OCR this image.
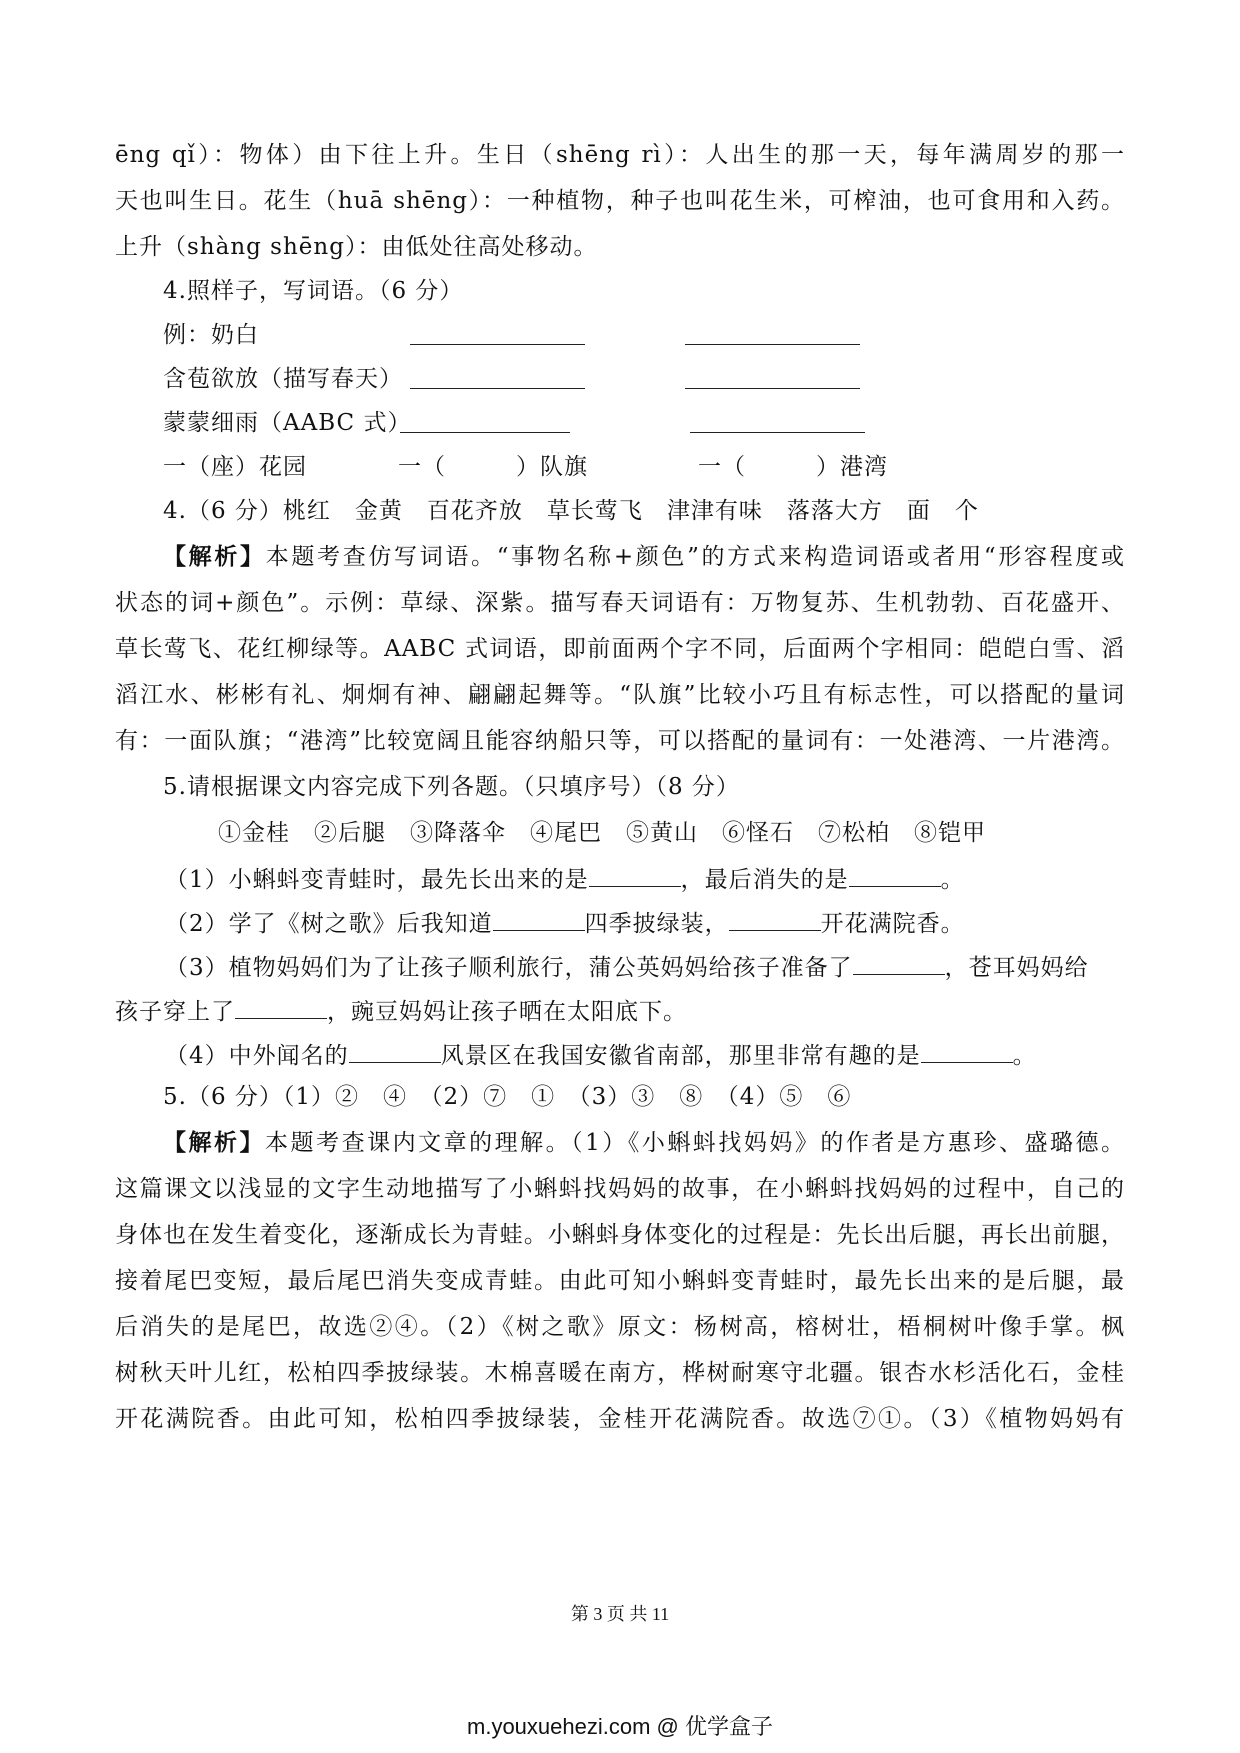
ēng qǐ）：物体）由下往上升。生日（shēng rì）：人出生的那一天，每年满周岁的那一
天也叫生日。花生（huā shēng）：一种植物，种子也叫花生米，可榨油，也可食用和入药。
上升（shàng shēng）：由低处往高处移动。
4.照样子，写词语。（6 分）
例：奶白
含苞欲放（描写春天）
蒙蒙细雨（AABC 式）
一（座）花园	一（	）队旗	一（	）港湾
4.（6 分）桃红　金黄　百花齐放　草长莺飞　津津有味　落落大方　面　个
【解析】本题考查仿写词语。“事物名称+颜色”的方式来构造词语或者用“形容程度或
状态的词+颜色”。示例：草绿、深紫。描写春天词语有：万物复苏、生机勃勃、百花盛开、
草长莺飞、花红柳绿等。AABC 式词语，即前面两个字不同，后面两个字相同：皑皑白雪、滔
滔江水、彬彬有礼、炯炯有神、翩翩起舞等。“队旗”比较小巧且有标志性，可以搭配的量词
有：一面队旗；“港湾”比较宽阔且能容纳船只等，可以搭配的量词有：一处港湾、一片港湾。
5.请根据课文内容完成下列各题。（只填序号）（8 分）
①金桂　②后腿　③降落伞　④尾巴　⑤黄山　⑥怪石　⑦松柏　⑧铠甲
（1）小蝌蚪变青蛙时，最先长出来的是	，最后消失的是	。
（2）学了《树之歌》后我知道	四季披绿装，	开花满院香。
（3）植物妈妈们为了让孩子顺利旅行，蒲公英妈妈给孩子准备了	，苍耳妈妈给
孩子穿上了	，豌豆妈妈让孩子晒在太阳底下。
（4）中外闻名的	风景区在我国安徽省南部，那里非常有趣的是	。
5.（6 分）（1）②　④　（2）⑦　①　（3）③　⑧　（4）⑤　⑥
【解析】本题考查课内文章的理解。（1）《小蝌蚪找妈妈》的作者是方惠珍、盛璐德。
这篇课文以浅显的文字生动地描写了小蝌蚪找妈妈的故事，在小蝌蚪找妈妈的过程中，自己的
身体也在发生着变化，逐渐成长为青蛙。小蝌蚪身体变化的过程是：先长出后腿，再长出前腿，
接着尾巴变短，最后尾巴消失变成青蛙。由此可知小蝌蚪变青蛙时，最先长出来的是后腿，最
后消失的是尾巴，故选②④。（2）《树之歌》原文：杨树高，榕树壮，梧桐树叶像手掌。枫
树秋天叶儿红，松柏四季披绿装。木棉喜暖在南方，桦树耐寒守北疆。银杏水杉活化石，金桂
开花满院香。由此可知，松柏四季披绿装，金桂开花满院香。故选⑦①。（3）《植物妈妈有
第 3 页 共 11
m.youxuehezi.com @ 优学盒子
